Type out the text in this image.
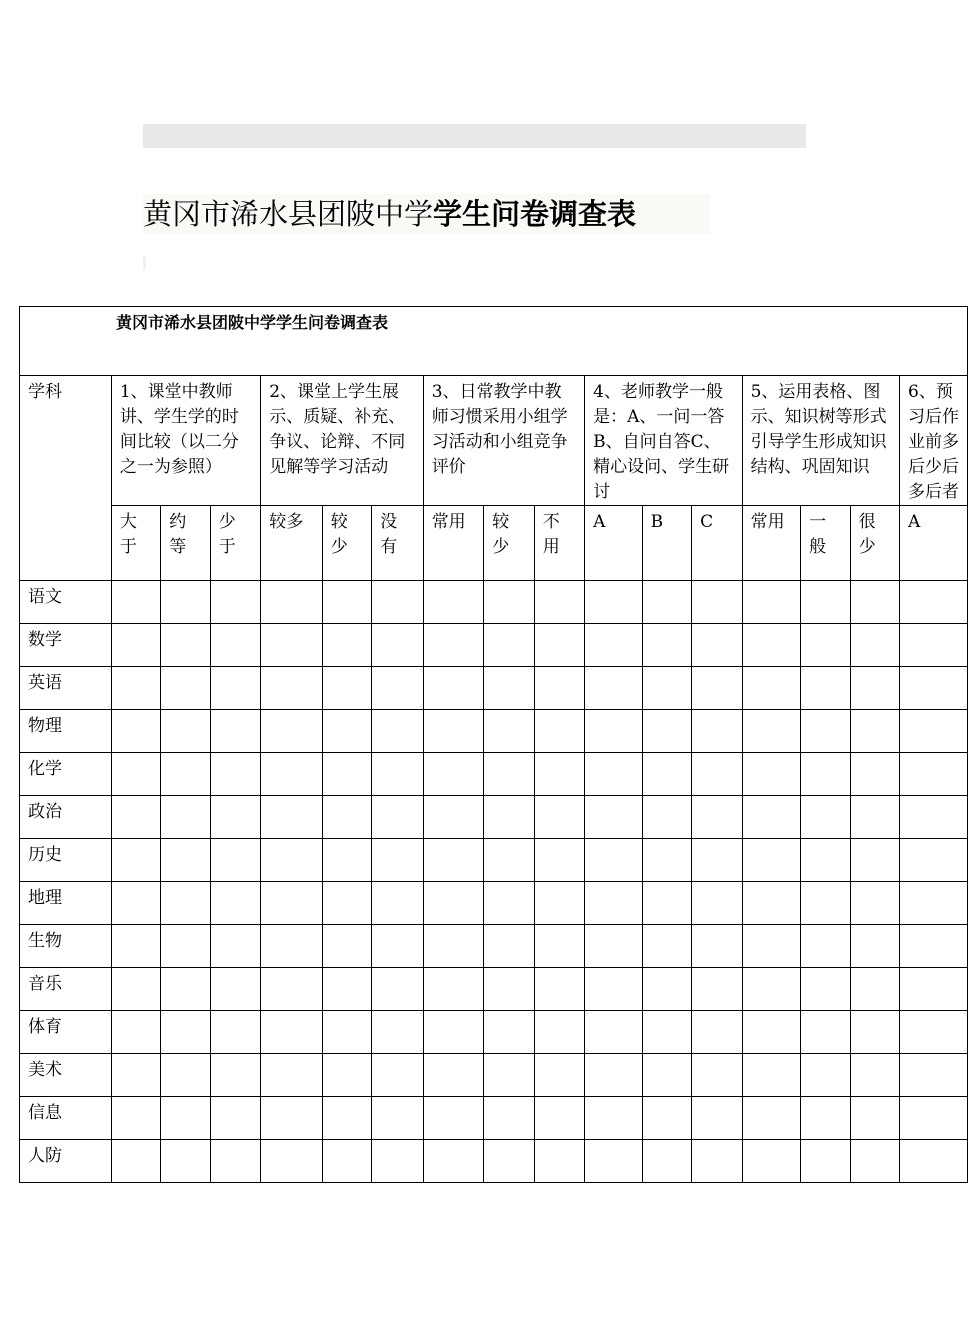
黄冈市浠水县团陂中学学生问卷调查表
黄冈市浠水县团陂中学学生问卷调查表																

学科	1、课堂中教师讲、学生学的时间比较（以二分之一为参照）			2、课堂上学生展示、质疑、补充、争议、论辩、不同见解等学习活动			3、日常教学中教师习惯采用小组学习活动和小组竞争评价			4、老师教学一般是：A、一问一答B、自问自答C、精心设问、学生研讨			5、运用表格、图示、知识树等形式引导学生形成知识结构、巩固知识			6、预习后作业前多后少后多后者

	大于	约等	少于	较多	较少	没有	常用	较少	不用	A	B	C	常用	一般	很少	A
语文																
数学																
英语																
物理																
化学																
政治																
历史																
地理																
生物																
音乐																
体育																
美术																
信息																
人防																
